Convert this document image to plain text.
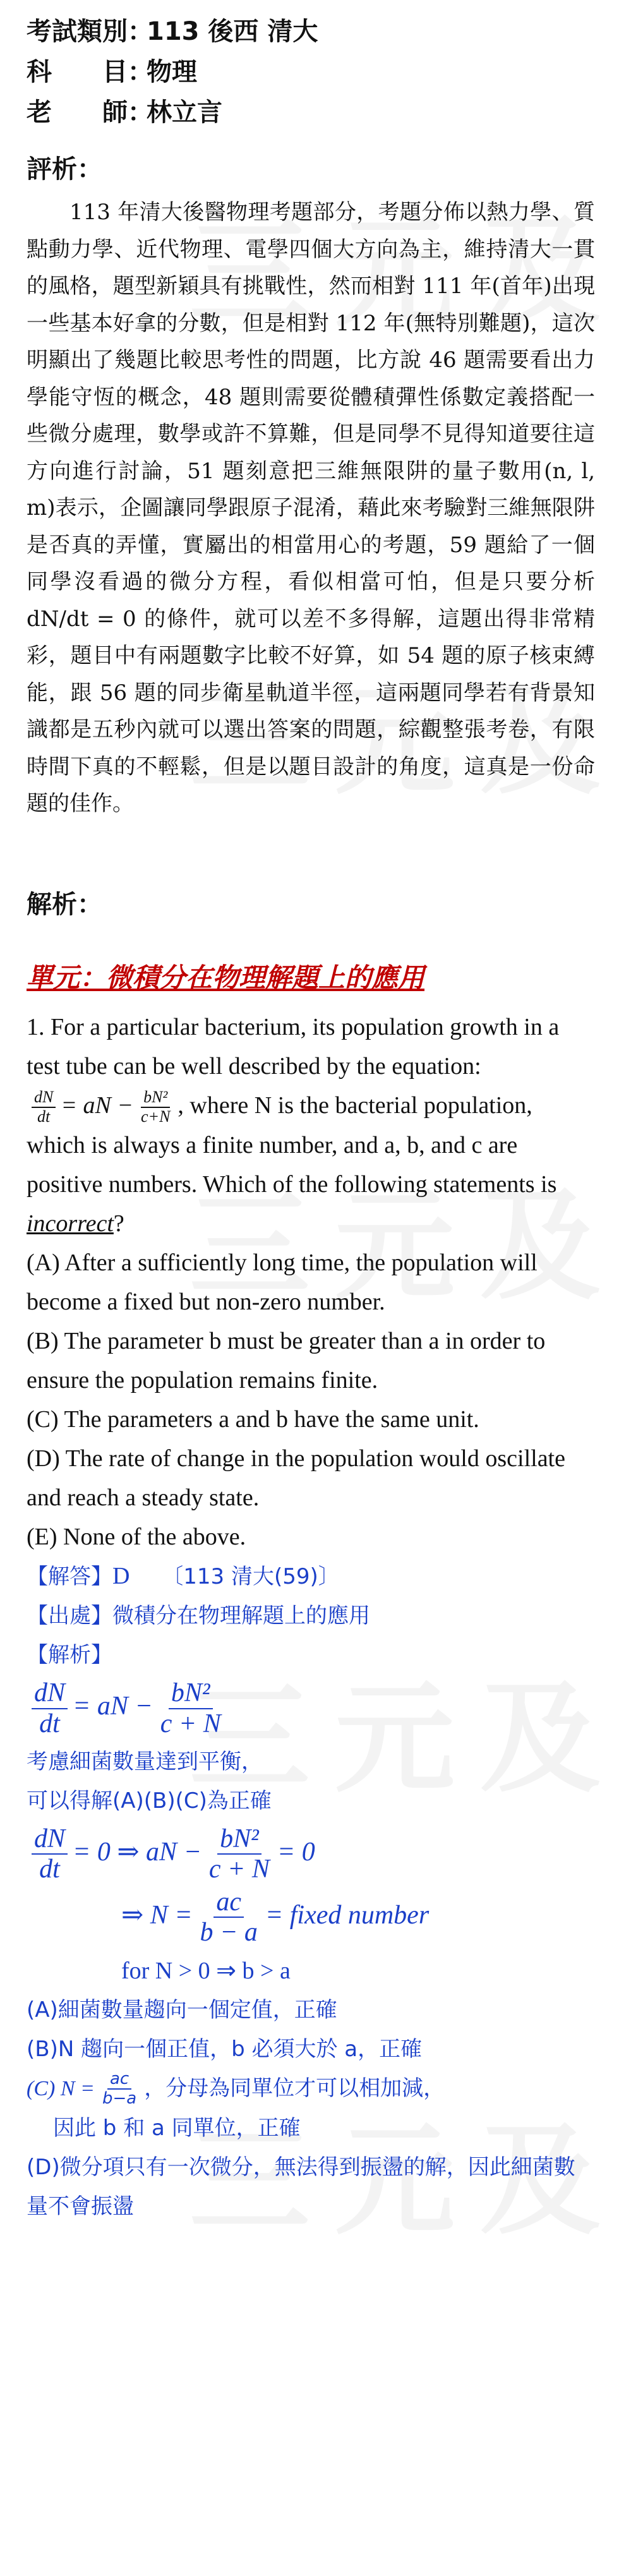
考試類別：113 後西 清大
科　　目：物理
老　　師：林立言
評析：

113 年清大後醫物理考題部分，考題分佈以熱力學、質點動力學、近代物理、電學四個大方向為主，維持清大一貫的風格，題型新穎具有挑戰性，然而相對 111 年(首年)出現一些基本好拿的分數，但是相對 112 年(無特別難題)，這次明顯出了幾題比較思考性的問題，比方說 46 題需要看出力學能守恆的概念，48 題則需要從體積彈性係數定義搭配一些微分處理，數學或許不算難，但是同學不見得知道要往這方向進行討論，51 題刻意把三維無限阱的量子數用(n, l, m)表示，企圖讓同學跟原子混淆，藉此來考驗對三維無限阱是否真的弄懂，實屬出的相當用心的考題，59 題給了一個同學沒看過的微分方程，看似相當可怕，但是只要分析 dN/dt = 0 的條件，就可以差不多得解，這題出得非常精彩，題目中有兩題數字比較不好算，如 54 題的原子核束縛能，跟 56 題的同步衛星軌道半徑，這兩題同學若有背景知識都是五秒內就可以選出答案的問題，綜觀整張考卷，有限時間下真的不輕鬆，但是以題目設計的角度，這真是一份命題的佳作。

解析：
單元：微積分在物理解題上的應用
1. For a particular bacterium, its population growth in a test tube can be well described by the equation:

$\frac{dN}{dt}$ = aN − $\frac{\text{bN²}}{c+N}$ , where N is the bacterial population, which is always a finite number, and a, b, and c are positive numbers. Which of the following statements is incorrect?
(A) After a sufficiently long time, the population will become a fixed but non-zero number.
(B) The parameter b must be greater than a in order to ensure the population remains finite.
(C) The parameters a and b have the same unit.
(D) The rate of change in the population would oscillate and reach a steady state.
(E) None of the above.
【解答】D 〔113 清大(59)〕
【出處】微積分在物理解題上的應用
【解析】
$\frac{dN}{dt}$ = aN − $\frac{\text{bN²}}{c + N}$
考慮細菌數量達到平衡，
可以得解(A)(B)(C)為正確
$\frac{dN}{dt} = 0$ ⇒ aN − $\frac{\text{bN²}}{c + N} = 0$
⇒ $N = \frac{ac}{b - a}$ = fixed number
for N > 0 ⇒ b > a
(A)細菌數量趨向一個定值，正確
(B)N 趨向一個正值，b 必須大於 a，正確
(C) $N = \frac{ac}{b-a}$ ，分母為同單位才可以相加減，
因此 b 和 a 同單位，正確
(D)微分項只有一次微分，無法得到振盪的解，因此細菌數量不會振盪
